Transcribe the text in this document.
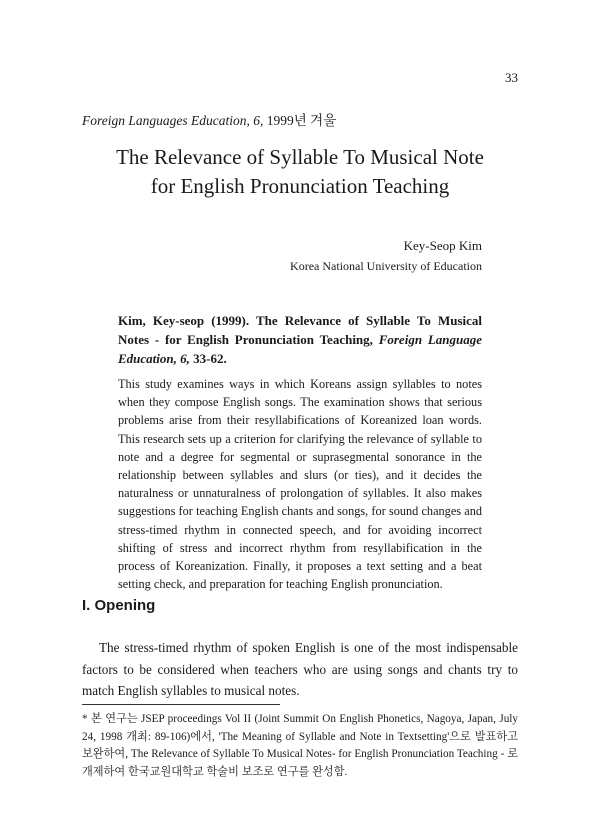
33
Foreign Languages Education, 6, 1999년 겨울
The Relevance of Syllable To Musical Note
for English Pronunciation Teaching
Key-Seop Kim
Korea National University of Education
Kim, Key-seop (1999). The Relevance of Syllable To Musical Notes - for English Pronunciation Teaching, Foreign Language Education, 6, 33-62.
This study examines ways in which Koreans assign syllables to notes when they compose English songs. The examination shows that serious problems arise from their resyllabifications of Koreanized loan words. This research sets up a criterion for clarifying the relevance of syllable to note and a degree for segmental or suprasegmental sonorance in the relationship between syllables and slurs (or ties), and it decides the naturalness or unnaturalness of prolongation of syllables. It also makes suggestions for teaching English chants and songs, for sound changes and stress-timed rhythm in connected speech, and for avoiding incorrect shifting of stress and incorrect rhythm from resyllabification in the process of Koreanization. Finally, it proposes a text setting and a beat setting check, and preparation for teaching English pronunciation.
I. Opening
The stress-timed rhythm of spoken English is one of the most indispensable factors to be considered when teachers who are using songs and chants try to match English syllables to musical notes.
* 본 연구는 JSEP proceedings Vol II (Joint Summit On English Phonetics, Nagoya, Japan, July 24, 1998 개최: 89-106)에서, 'The Meaning of Syllable and Note in Textsetting'으로 발표하고 보완하여, The Relevance of Syllable To Musical Notes- for English Pronunciation Teaching - 로 개제하여 한국교원대학교 학술비 보조로 연구를 완성함.
